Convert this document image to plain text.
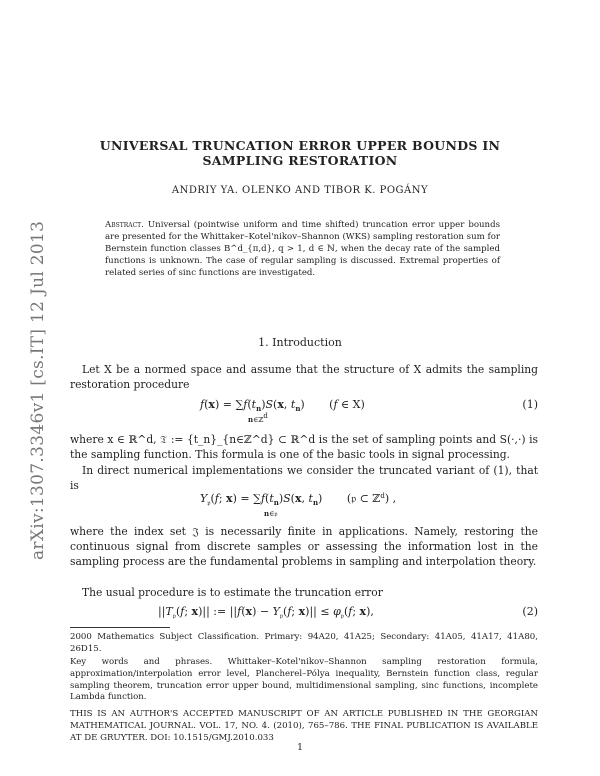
arXiv:1307.3346v1 [cs.IT] 12 Jul 2013
UNIVERSAL TRUNCATION ERROR UPPER BOUNDS IN
SAMPLING RESTORATION
ANDRIY YA. OLENKO AND TIBOR K. POGÁNY
Abstract. Universal (pointwise uniform and time shifted) truncation error upper bounds are presented for the Whittaker–Kotel'nikov–Shannon (WKS) sampling restoration sum for Bernstein function classes B^d_{π,d}, q > 1, d ∈ ℕ, when the decay rate of the sampled functions is unknown. The case of regular sampling is discussed. Extremal properties of related series of sinc functions are investigated.
1. Introduction
Let X be a normed space and assume that the structure of X admits the sampling restoration procedure
$f(x) = \sum f(t_n)S(x$, $t_n$)       (f ∈ X)
n∈ℤd
(1)
where x ∈ ℝ^d, 𝔗 := {t_n}_{n∈ℤ^d} ⊂ ℝ^d is the set of sampling points and S(·,·) is the sampling function. This formula is one of the basic tools in signal processing.
In direct numerical implementations we consider the truncated variant of (1), that is
$Y_𝔭(f$; $x) = \sum f(t_n)S(x$, $t_n$)       (𝔭 ⊂ ℤ$^d$) ,
n∈𝔭
where the index set 𝔍 is necessarily finite in applications. Namely, restoring the continuous signal from discrete samples or assessing the information lost in the sampling process are the fundamental problems in sampling and interpolation theory.
The usual procedure is to estimate the truncation error
$||T_𝔭(f$; x)|| := $||f(x) - Y_𝔭(f$; $x)|| \le \varphi_𝔭(f$; x),	(2)
2000 Mathematics Subject Classification. Primary: 94A20, 41A25; Secondary: 41A05, 41A17, 41A80, 26D15.
Key words and phrases. Whittaker–Kotel'nikov–Shannon sampling restoration formula, approximation/interpolation error level, Plancherel–Pólya inequality, Bernstein function class, regular sampling theorem, truncation error upper bound, multidimensional sampling, sinc functions, incomplete Lambda function.
THIS IS AN AUTHOR'S ACCEPTED MANUSCRIPT OF AN ARTICLE PUBLISHED IN THE GEORGIAN MATHEMATICAL JOURNAL. VOL. 17, NO. 4. (2010), 765–786. THE FINAL PUBLICATION IS AVAILABLE AT DE GRUYTER. DOI: 10.1515/GMJ.2010.033
1
